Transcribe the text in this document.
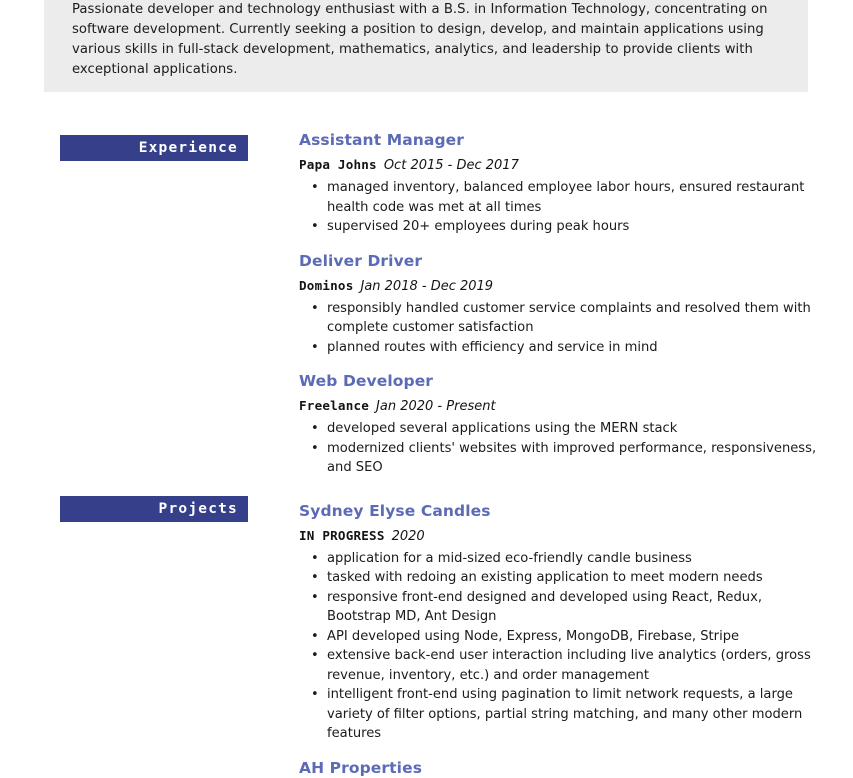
Passionate developer and technology enthusiast with a B.S. in Information Technology, concentrating on software development. Currently seeking a position to design, develop, and maintain applications using various skills in full-stack development, mathematics, analytics, and leadership to provide clients with exceptional applications.
Experience
Projects
Assistant Manager
Papa Johns Oct 2015 - Dec 2017
• managed inventory, balanced employee labor hours, ensured restaurant health code was met at all times
• supervised 20+ employees during peak hours
Deliver Driver
Dominos Jan 2018 - Dec 2019
• responsibly handled customer service complaints and resolved them with complete customer satisfaction
• planned routes with efficiency and service in mind
Web Developer
Freelance Jan 2020 - Present
• developed several applications using the MERN stack
• modernized clients' websites with improved performance, responsiveness, and SEO
Sydney Elyse Candles
IN PROGRESS 2020
• application for a mid-sized eco-friendly candle business
• tasked with redoing an existing application to meet modern needs
• responsive front-end designed and developed using React, Redux, Bootstrap MD, Ant Design
• API developed using Node, Express, MongoDB, Firebase, Stripe
• extensive back-end user interaction including live analytics (orders, gross revenue, inventory, etc.) and order management
• intelligent front-end using pagination to limit network requests, a large variety of filter options, partial string matching, and many other modern features
AH Properties
